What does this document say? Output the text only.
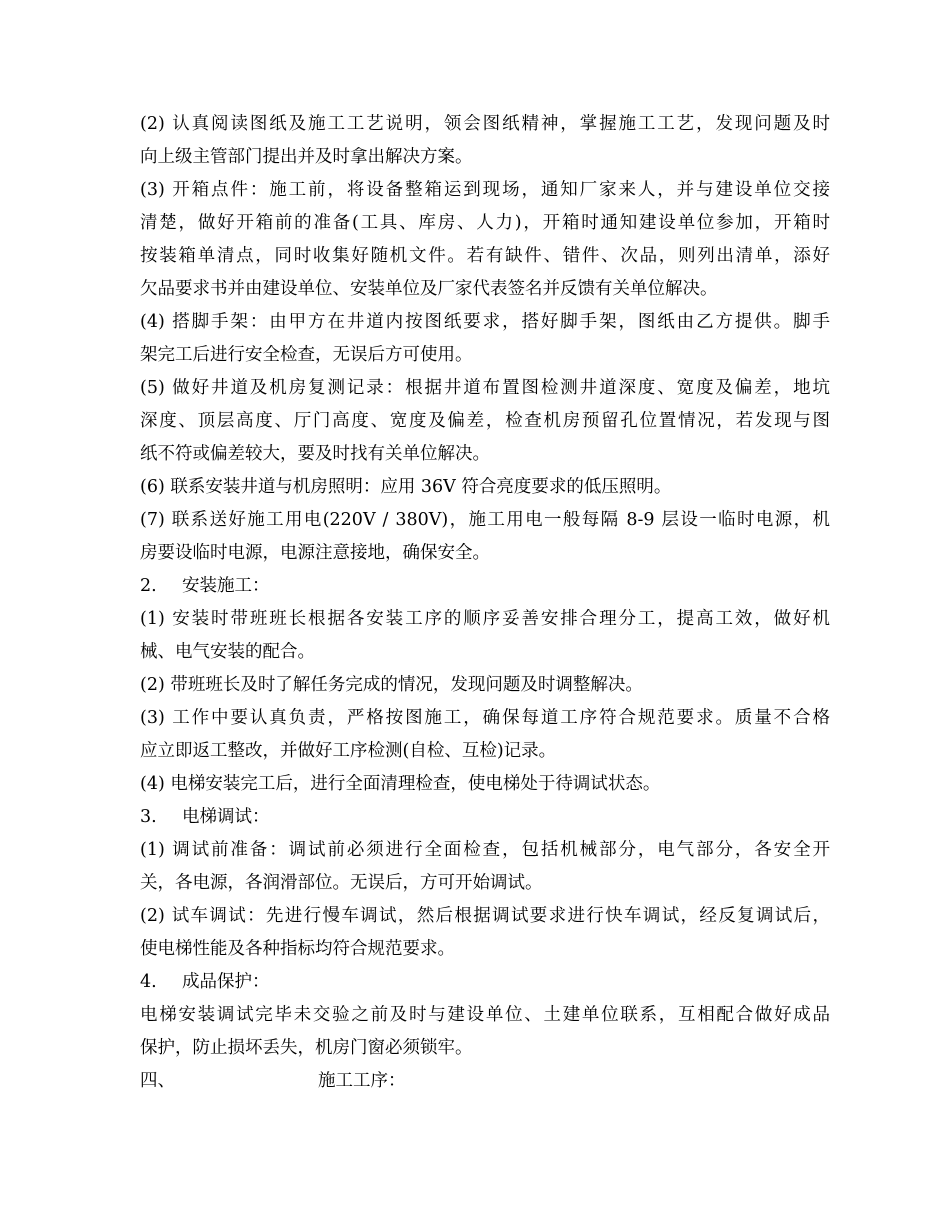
(2) 认真阅读图纸及施工工艺说明，领会图纸精神，掌握施工工艺，发现问题及时
向上级主管部门提出并及时拿出解决方案。
(3) 开箱点件：施工前，将设备整箱运到现场，通知厂家来人，并与建设单位交接
清楚，做好开箱前的准备(工具、库房、人力)，开箱时通知建设单位参加，开箱时
按装箱单清点，同时收集好随机文件。若有缺件、错件、次品，则列出清单，添好
欠品要求书并由建设单位、安装单位及厂家代表签名并反馈有关单位解决。
(4) 搭脚手架：由甲方在井道内按图纸要求，搭好脚手架，图纸由乙方提供。脚手
架完工后进行安全检查，无误后方可使用。
(5) 做好井道及机房复测记录：根据井道布置图检测井道深度、宽度及偏差，地坑
深度、顶层高度、厅门高度、宽度及偏差，检查机房预留孔位置情况，若发现与图
纸不符或偏差较大，要及时找有关单位解决。
(6) 联系安装井道与机房照明：应用 36V 符合亮度要求的低压照明。
(7) 联系送好施工用电(220V / 380V)，施工用电一般每隔 8-9 层设一临时电源，机
房要设临时电源，电源注意接地，确保安全。
2. 安装施工：
(1) 安装时带班班长根据各安装工序的顺序妥善安排合理分工，提高工效，做好机
械、电气安装的配合。
(2) 带班班长及时了解任务完成的情况，发现问题及时调整解决。
(3) 工作中要认真负责，严格按图施工，确保每道工序符合规范要求。质量不合格
应立即返工整改，并做好工序检测(自检、互检)记录。
(4) 电梯安装完工后，进行全面清理检查，使电梯处于待调试状态。
3. 电梯调试：
(1) 调试前准备：调试前必须进行全面检查，包括机械部分，电气部分，各安全开
关，各电源，各润滑部位。无误后，方可开始调试。
(2) 试车调试：先进行慢车调试，然后根据调试要求进行快车调试，经反复调试后，
使电梯性能及各种指标均符合规范要求。
4. 成品保护：
电梯安装调试完毕未交验之前及时与建设单位、土建单位联系，互相配合做好成品
保护，防止损坏丢失，机房门窗必须锁牢。
四、	施工工序：
